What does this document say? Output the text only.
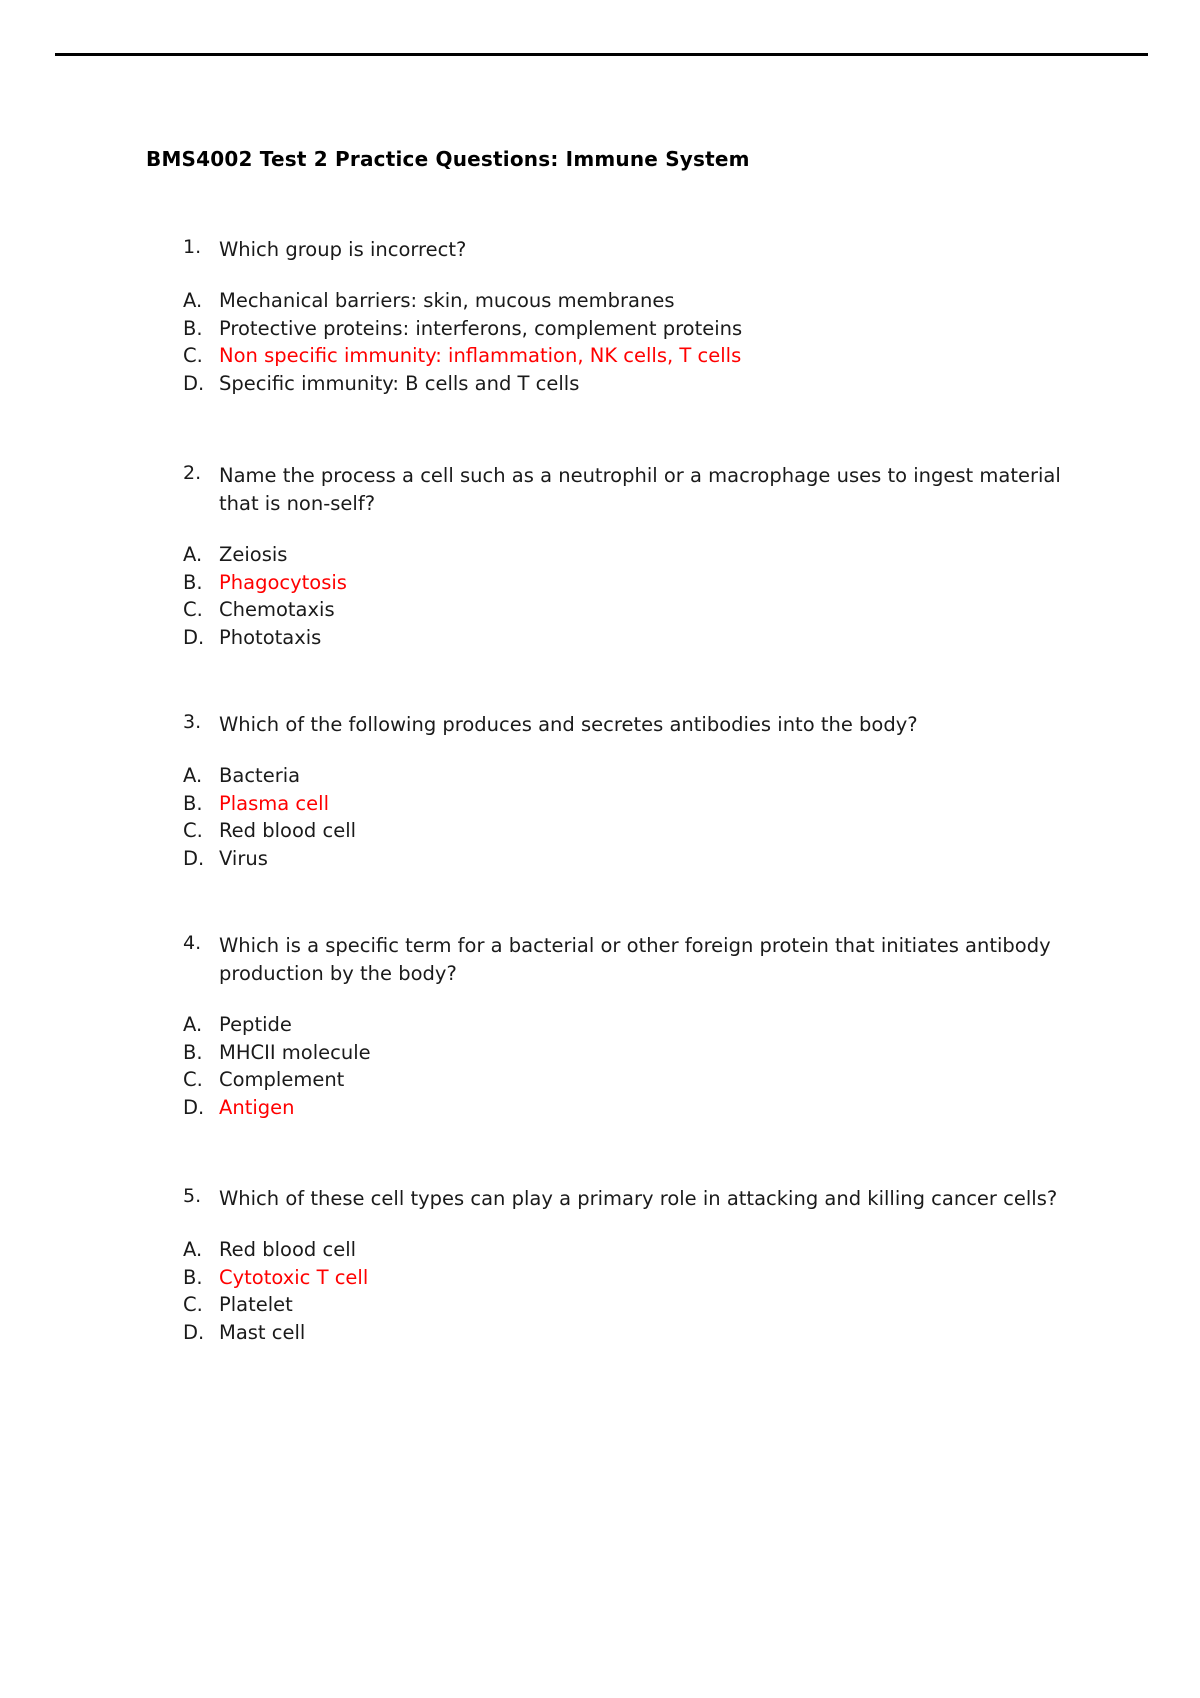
BMS4002 Test 2 Practice Questions: Immune System
1. Which group is incorrect?
A. Mechanical barriers: skin, mucous membranes
B. Protective proteins: interferons, complement proteins
C. Non specific immunity: inflammation, NK cells, T cells
D. Specific immunity: B cells and T cells
2. Name the process a cell such as a neutrophil or a macrophage uses to ingest material that is non-self?
A. Zeiosis
B. Phagocytosis
C. Chemotaxis
D. Phototaxis
3. Which of the following produces and secretes antibodies into the body?
A. Bacteria
B. Plasma cell
C. Red blood cell
D. Virus
4. Which is a specific term for a bacterial or other foreign protein that initiates antibody production by the body?
A. Peptide
B. MHCII molecule
C. Complement
D. Antigen
5. Which of these cell types can play a primary role in attacking and killing cancer cells?
A. Red blood cell
B. Cytotoxic T cell
C. Platelet
D. Mast cell
